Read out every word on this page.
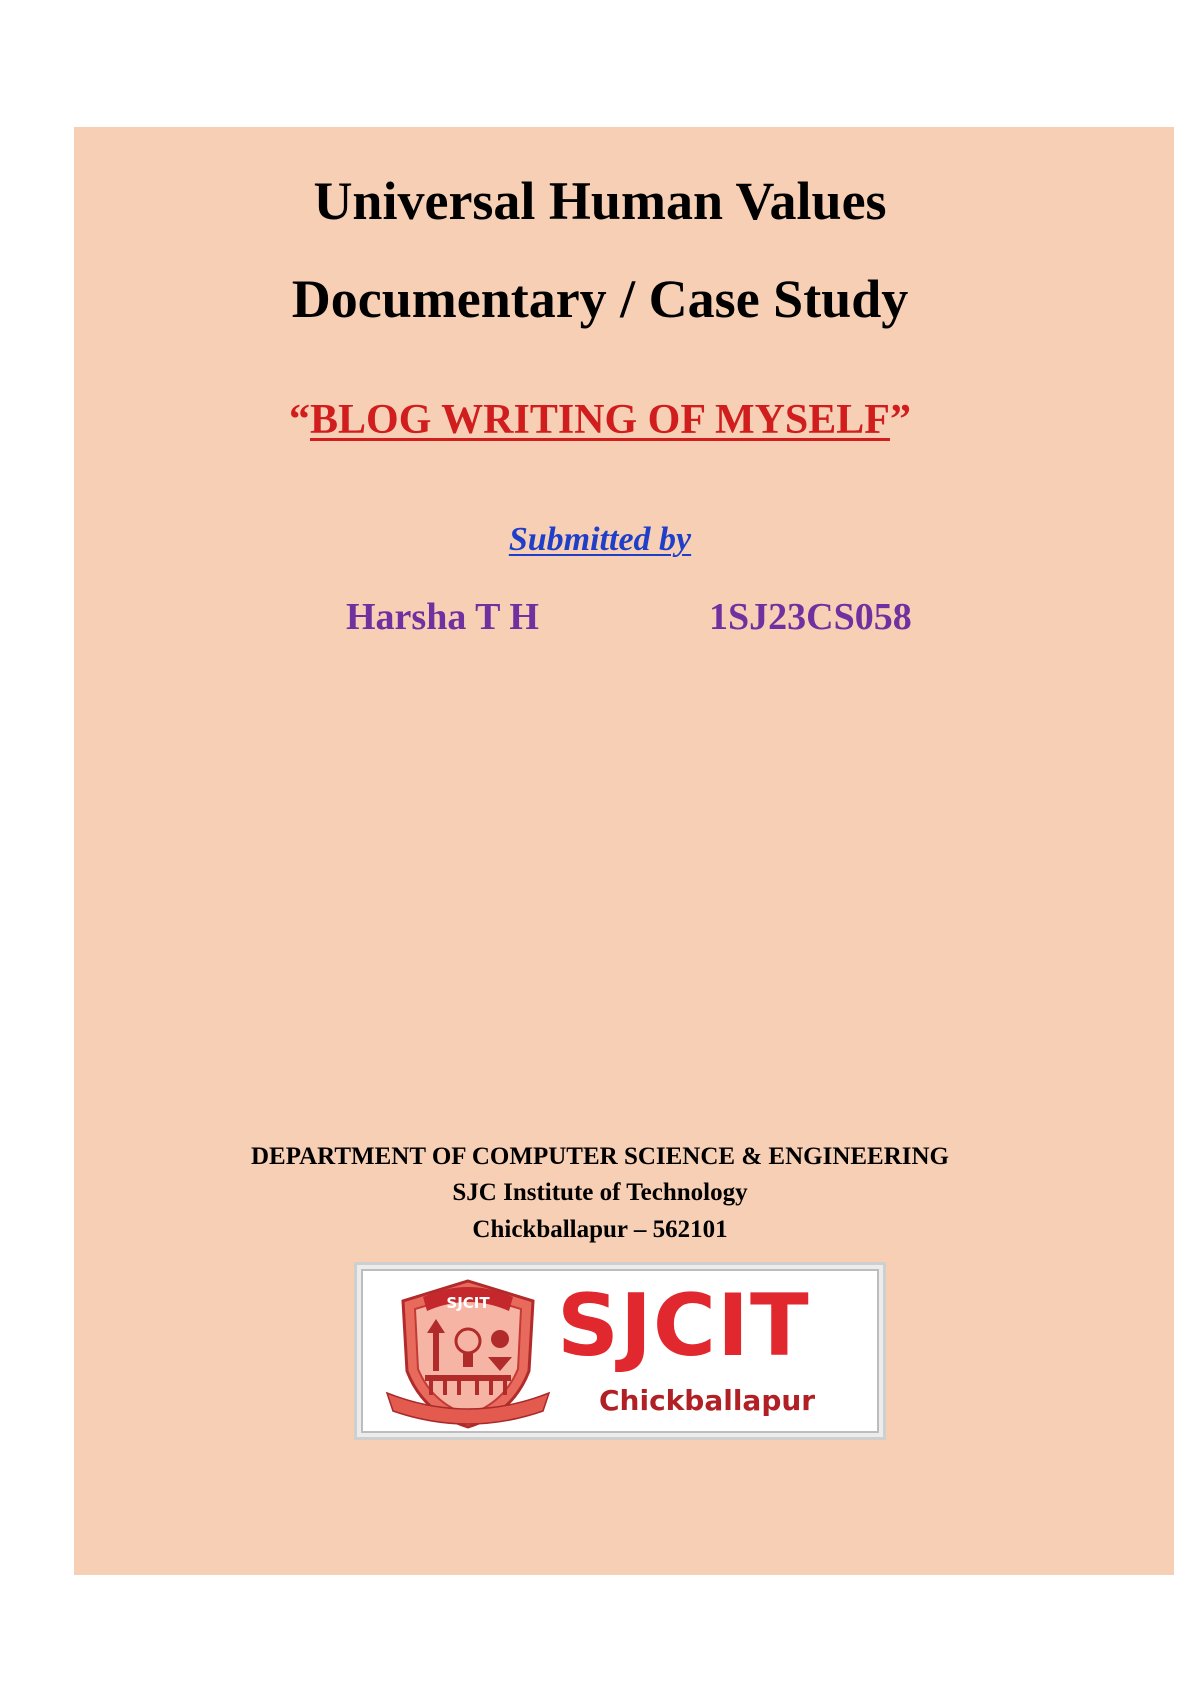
Universal Human Values
Documentary / Case Study
“BLOG WRITING OF MYSELF”
Submitted by
Harsha T H	1SJ23CS058

DEPARTMENT OF COMPUTER SCIENCE & ENGINEERING

SJC Institute of Technology

Chickballapur – 562101

SJCIT SJCIT
Chickballapur
